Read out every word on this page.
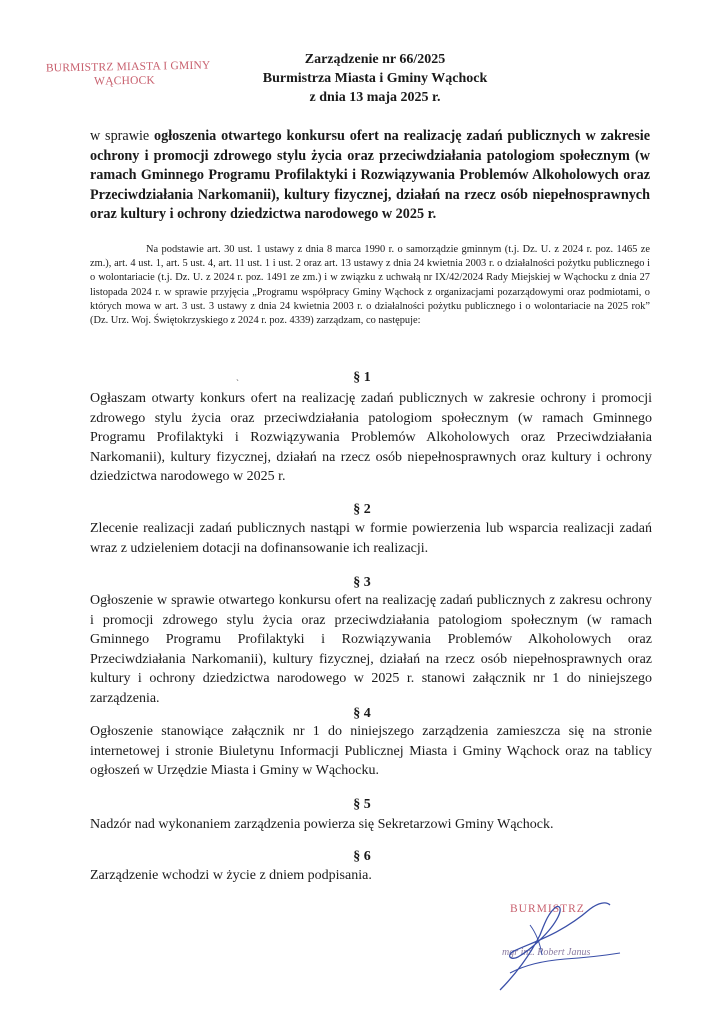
BURMISTRZ MIASTA I GMINY
WĄCHOCK
Zarządzenie nr 66/2025
Burmistrza Miasta i Gminy Wąchock
z dnia 13 maja 2025 r.
w sprawie ogłoszenia otwartego konkursu ofert na realizację zadań publicznych w zakresie ochrony i promocji zdrowego stylu życia oraz przeciwdziałania patologiom społecznym (w ramach Gminnego Programu Profilaktyki i Rozwiązywania Problemów Alkoholowych oraz Przeciwdziałania Narkomanii), kultury fizycznej, działań na rzecz osób niepełnosprawnych oraz kultury i ochrony dziedzictwa narodowego w 2025 r.
Na podstawie art. 30 ust. 1 ustawy z dnia 8 marca 1990 r. o samorządzie gminnym (t.j. Dz. U. z 2024 r. poz. 1465 ze zm.), art. 4 ust. 1, art. 5 ust. 4, art. 11 ust. 1 i ust. 2 oraz art. 13 ustawy z dnia 24 kwietnia 2003 r. o działalności pożytku publicznego i o wolontariacie (t.j. Dz. U. z 2024 r. poz. 1491 ze zm.) i w związku z uchwałą nr IX/42/2024 Rady Miejskiej w Wąchocku z dnia 27 listopada 2024 r. w sprawie przyjęcia „Programu współpracy Gminy Wąchock z organizacjami pozarządowymi oraz podmiotami, o których mowa w art. 3 ust. 3 ustawy z dnia 24 kwietnia 2003 r. o działalności pożytku publicznego i o wolontariacie na 2025 rok” (Dz. Urz. Woj. Świętokrzyskiego z 2024 r. poz. 4339) zarządzam, co następuje:
`	§ 1
Ogłaszam otwarty konkurs ofert na realizację zadań publicznych w zakresie ochrony i promocji zdrowego stylu życia oraz przeciwdziałania patologiom społecznym (w ramach Gminnego Programu Profilaktyki i Rozwiązywania Problemów Alkoholowych oraz Przeciwdziałania Narkomanii), kultury fizycznej, działań na rzecz osób niepełnosprawnych oraz kultury i ochrony dziedzictwa narodowego w 2025 r.
§ 2
Zlecenie realizacji zadań publicznych nastąpi w formie powierzenia lub wsparcia realizacji zadań wraz z udzieleniem dotacji na dofinansowanie ich realizacji.
§ 3
Ogłoszenie w sprawie otwartego konkursu ofert na realizację zadań publicznych z zakresu ochrony i promocji zdrowego stylu życia oraz przeciwdziałania patologiom społecznym (w ramach Gminnego Programu Profilaktyki i Rozwiązywania Problemów Alkoholowych oraz Przeciwdziałania Narkomanii), kultury fizycznej, działań na rzecz osób niepełnosprawnych oraz kultury i ochrony dziedzictwa narodowego w 2025 r. stanowi załącznik nr 1 do niniejszego zarządzenia.
§ 4
Ogłoszenie stanowiące załącznik nr 1 do niniejszego zarządzenia zamieszcza się na stronie internetowej i stronie Biuletynu Informacji Publicznej Miasta i Gminy Wąchock oraz na tablicy ogłoszeń w Urzędzie Miasta i Gminy w Wąchocku.
§ 5
Nadzór nad wykonaniem zarządzenia powierza się Sekretarzowi Gminy Wąchock.
§ 6
Zarządzenie wchodzi w życie z dniem podpisania.
BURMISTRZ
mgr inż. Robert Janus
